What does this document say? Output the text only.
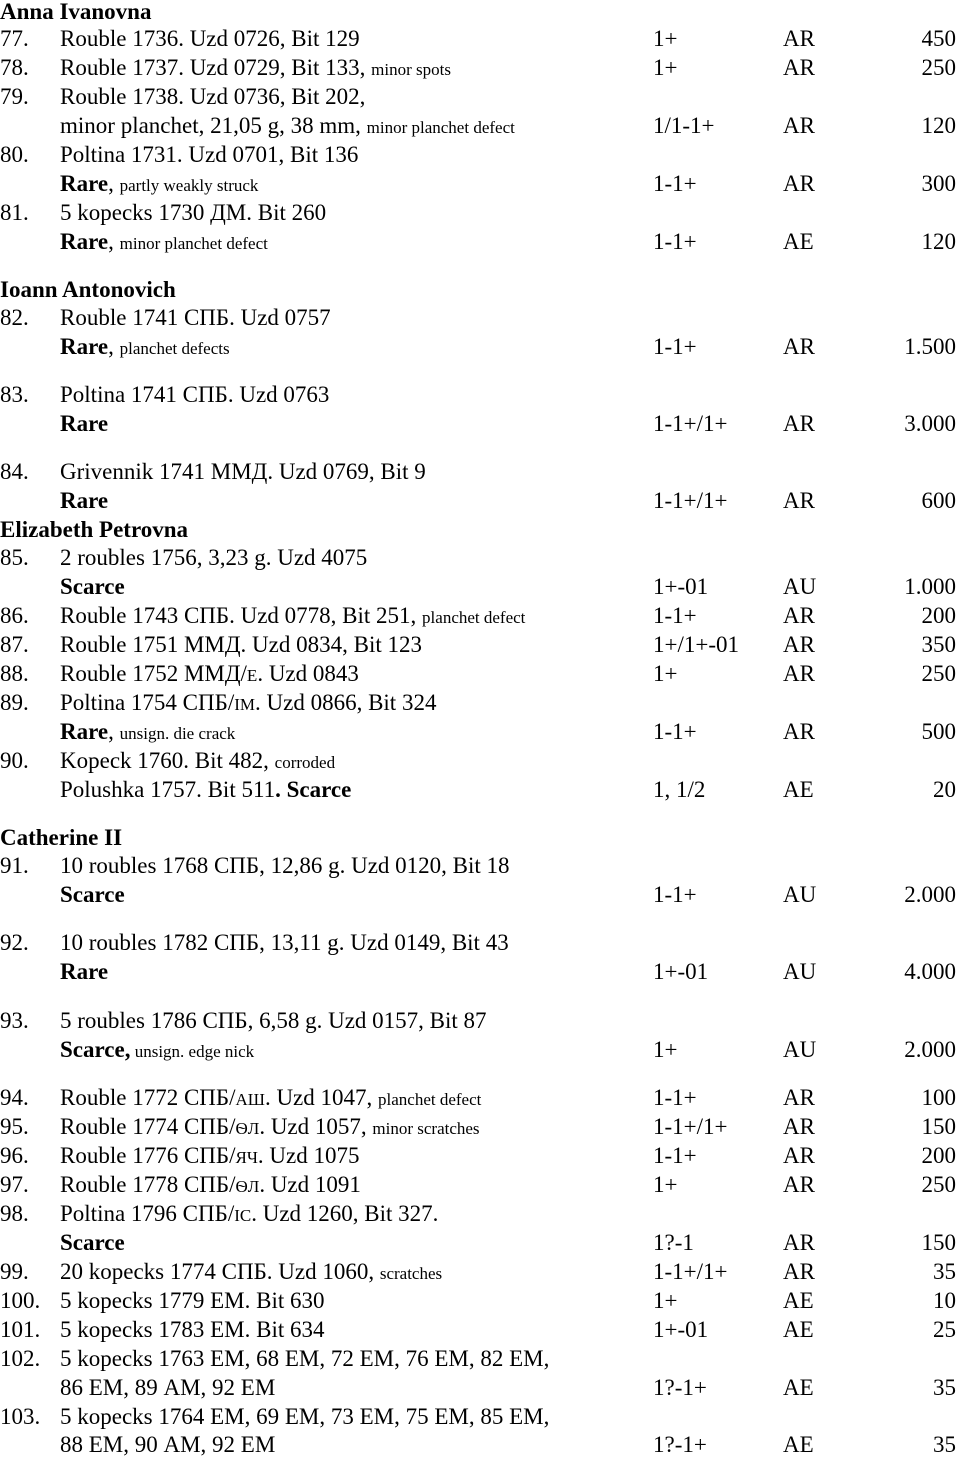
Anna Ivanovna
77. Rouble 1736. Uzd 0726, Bit 129	1+	AR	450
78. Rouble 1737. Uzd 0729, Bit 133, minor spots	1+	AR	250
79. Rouble 1738. Uzd 0736, Bit 202,
minor planchet, 21,05 g, 38 mm, minor planchet defect	1/1-1+	AR	120
80. Poltina 1731. Uzd 0701, Bit 136
Rare, partly weakly struck	1-1+	AR	300
81. 5 kopecks 1730 ДМ. Bit 260
Rare, minor planchet defect	1-1+	AE	120
Ioann Antonovich
82. Rouble 1741 СПБ. Uzd 0757
Rare, planchet defects	1-1+	AR	1.500
83. Poltina 1741 СПБ. Uzd 0763
Rare	1-1+/1+ AR	3.000
84. Grivennik 1741 ММД. Uzd 0769, Bit 9
Rare	1-1+/1+ AR	600
Elizabeth Petrovna
85. 2 roubles 1756, 3,23 g. Uzd 4075
Scarce	1+-01	AU	1.000
86. Rouble 1743 СПБ. Uzd 0778, Bit 251, planchet defect	1-1+	AR	200
87. Rouble 1751 ММД. Uzd 0834, Bit 123	1+/1+-01 AR	350
88. Rouble 1752 ММД/Е. Uzd 0843	1+	AR	250
89. Poltina 1754 СПБ/IМ. Uzd 0866, Bit 324
Rare, unsign. die crack	1-1+	AR	500
90. Kopeck 1760. Bit 482, corroded
Polushka 1757. Bit 511. Scarce	1, 1/2	AE	20
Catherine II
91. 10 roubles 1768 СПБ, 12,86 g. Uzd 0120, Bit 18
Scarce	1-1+	AU	2.000
92. 10 roubles 1782 СПБ, 13,11 g. Uzd 0149, Bit 43
Rare	1+-01	AU	4.000
93. 5 roubles 1786 СПБ, 6,58 g. Uzd 0157, Bit 87
Scarce, unsign. edge nick	1+	AU	2.000
94. Rouble 1772 СПБ/АШ. Uzd 1047, planchet defect	1-1+	AR	100
95. Rouble 1774 СПБ/ѲЛ. Uzd 1057, minor scratches	1-1+/1+ AR	150
96. Rouble 1776 СПБ/ЯЧ. Uzd 1075	1-1+	AR	200
97. Rouble 1778 СПБ/ѲЛ. Uzd 1091	1+	AR	250
98. Poltina 1796 СПБ/IС. Uzd 1260, Bit 327.
Scarce	1?-1	AR	150
99. 20 kopecks 1774 СПБ. Uzd 1060, scratches	1-1+/1+ AR	35
100. 5 kopecks 1779 ЕМ. Bit 630	1+	AE	10
101. 5 kopecks 1783 ЕМ. Bit 634	1+-01	AE	25
102. 5 kopecks 1763 ЕМ, 68 ЕМ, 72 ЕМ, 76 ЕМ, 82 ЕМ,
86 ЕМ, 89 АМ, 92 ЕМ	1?-1+	AE	35
103. 5 kopecks 1764 ЕМ, 69 ЕМ, 73 ЕМ, 75 ЕМ, 85 ЕМ,
88 ЕМ, 90 АМ, 92 ЕМ	1?-1+	AE	35
